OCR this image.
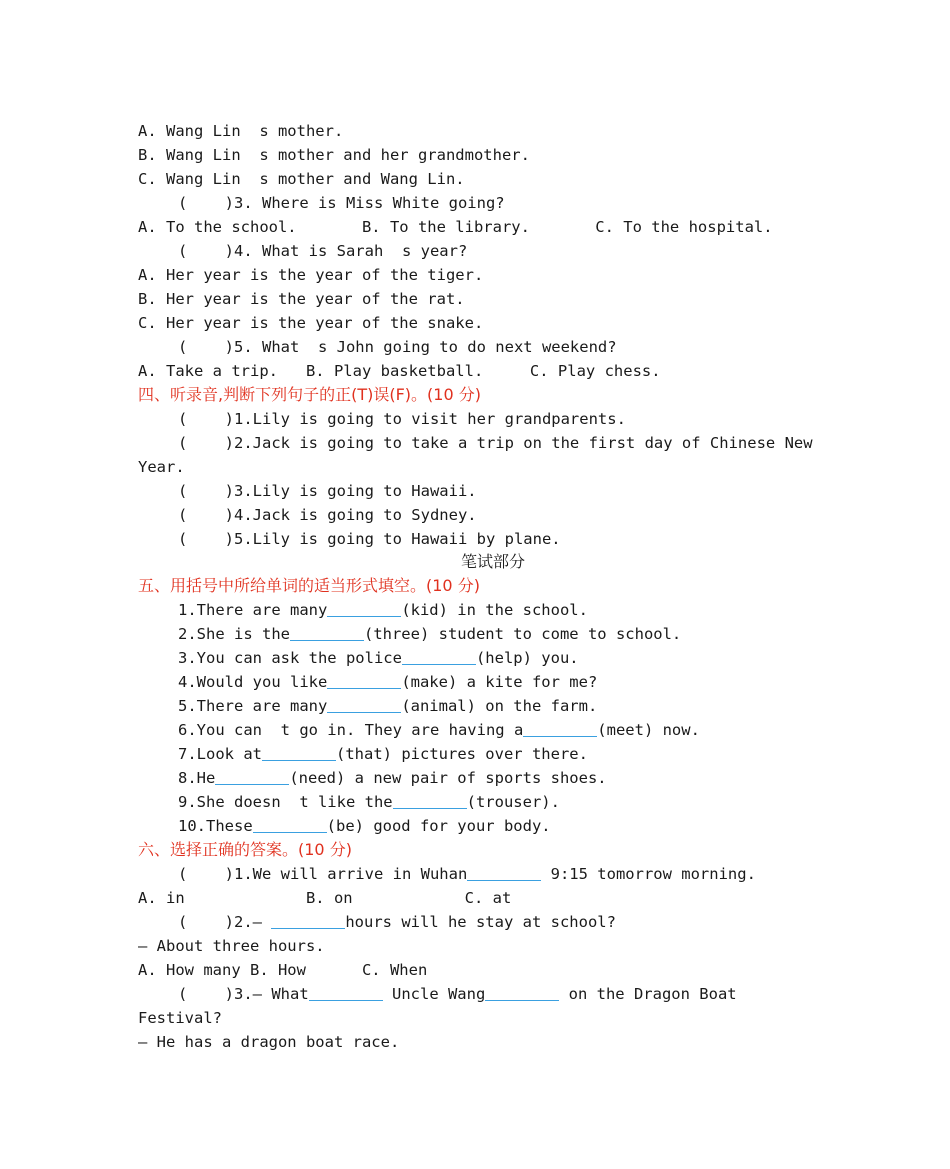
A. Wang Lin  s mother.
B. Wang Lin  s mother and her grandmother.
C. Wang Lin  s mother and Wang Lin.
(    )3. Where is Miss White going?
A. To the school.       B. To the library.       C. To the hospital.
(    )4. What is Sarah  s year?
A. Her year is the year of the tiger.
B. Her year is the year of the rat.
C. Her year is the year of the snake.
(    )5. What  s John going to do next weekend?
A. Take a trip.   B. Play basketball.     C. Play chess.
四、听录音,判断下列句子的正(T)误(F)。(10 分)
(    )1.Lily is going to visit her grandparents.
(    )2.Jack is going to take a trip on the first day of Chinese New
Year.
(    )3.Lily is going to Hawaii.
(    )4.Jack is going to Sydney.
(    )5.Lily is going to Hawaii by plane.
笔试部分
五、用括号中所给单词的适当形式填空。(10 分)
1.There are many	(kid) in the school.
2.She is the	(three) student to come to school.
3.You can ask the police	(help) you.
4.Would you like	(make) a kite for me?
5.There are many	(animal) on the farm.
6.You can  t go in. They are having a	(meet) now.
7.Look at	(that) pictures over there.
8.He	(need) a new pair of sports shoes.
9.She doesn  t like the	(trouser).
10.These	(be) good for your body.
六、选择正确的答案。(10 分)
(    )1.We will arrive in Wuhan	9:15 tomorrow morning.
A. in             B. on            C. at
(    )2.—	hours will he stay at school?
— About three hours.
A. How many B. How      C. When
(    )3.— What	Uncle Wang	on the Dragon Boat
Festival?
— He has a dragon boat race.
